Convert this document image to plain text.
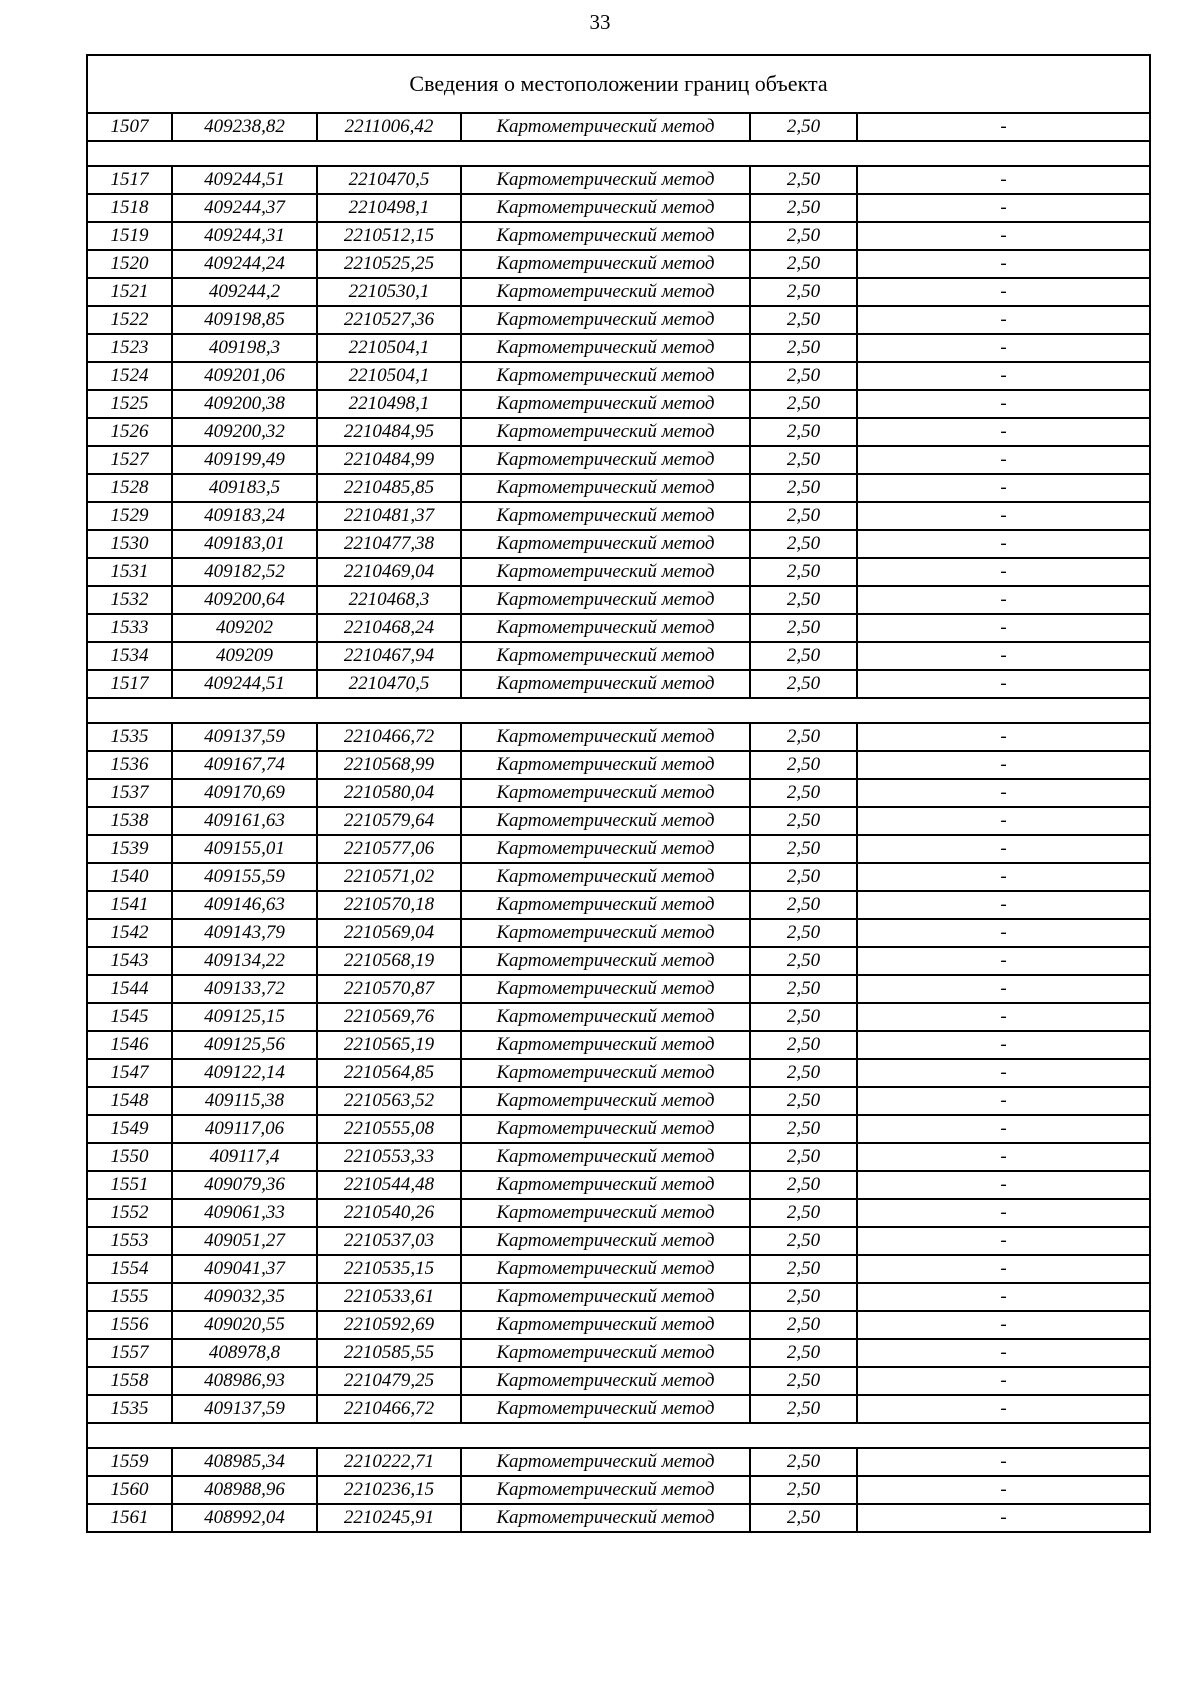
33
Сведения о местоположении границ объекта					
1507	409238,82	2211006,42	Картометрический метод	2,50	-

1517	409244,51	2210470,5	Картометрический метод	2,50	-
1518	409244,37	2210498,1	Картометрический метод	2,50	-
1519	409244,31	2210512,15	Картометрический метод	2,50	-
1520	409244,24	2210525,25	Картометрический метод	2,50	-
1521	409244,2	2210530,1	Картометрический метод	2,50	-
1522	409198,85	2210527,36	Картометрический метод	2,50	-
1523	409198,3	2210504,1	Картометрический метод	2,50	-
1524	409201,06	2210504,1	Картометрический метод	2,50	-
1525	409200,38	2210498,1	Картометрический метод	2,50	-
1526	409200,32	2210484,95	Картометрический метод	2,50	-
1527	409199,49	2210484,99	Картометрический метод	2,50	-
1528	409183,5	2210485,85	Картометрический метод	2,50	-
1529	409183,24	2210481,37	Картометрический метод	2,50	-
1530	409183,01	2210477,38	Картометрический метод	2,50	-
1531	409182,52	2210469,04	Картометрический метод	2,50	-
1532	409200,64	2210468,3	Картометрический метод	2,50	-
1533	409202	2210468,24	Картометрический метод	2,50	-
1534	409209	2210467,94	Картометрический метод	2,50	-
1517	409244,51	2210470,5	Картометрический метод	2,50	-

1535	409137,59	2210466,72	Картометрический метод	2,50	-
1536	409167,74	2210568,99	Картометрический метод	2,50	-
1537	409170,69	2210580,04	Картометрический метод	2,50	-
1538	409161,63	2210579,64	Картометрический метод	2,50	-
1539	409155,01	2210577,06	Картометрический метод	2,50	-
1540	409155,59	2210571,02	Картометрический метод	2,50	-
1541	409146,63	2210570,18	Картометрический метод	2,50	-
1542	409143,79	2210569,04	Картометрический метод	2,50	-
1543	409134,22	2210568,19	Картометрический метод	2,50	-
1544	409133,72	2210570,87	Картометрический метод	2,50	-
1545	409125,15	2210569,76	Картометрический метод	2,50	-
1546	409125,56	2210565,19	Картометрический метод	2,50	-
1547	409122,14	2210564,85	Картометрический метод	2,50	-
1548	409115,38	2210563,52	Картометрический метод	2,50	-
1549	409117,06	2210555,08	Картометрический метод	2,50	-
1550	409117,4	2210553,33	Картометрический метод	2,50	-
1551	409079,36	2210544,48	Картометрический метод	2,50	-
1552	409061,33	2210540,26	Картометрический метод	2,50	-
1553	409051,27	2210537,03	Картометрический метод	2,50	-
1554	409041,37	2210535,15	Картометрический метод	2,50	-
1555	409032,35	2210533,61	Картометрический метод	2,50	-
1556	409020,55	2210592,69	Картометрический метод	2,50	-
1557	408978,8	2210585,55	Картометрический метод	2,50	-
1558	408986,93	2210479,25	Картометрический метод	2,50	-
1535	409137,59	2210466,72	Картометрический метод	2,50	-

1559	408985,34	2210222,71	Картометрический метод	2,50	-
1560	408988,96	2210236,15	Картометрический метод	2,50	-
1561	408992,04	2210245,91	Картометрический метод	2,50	-
